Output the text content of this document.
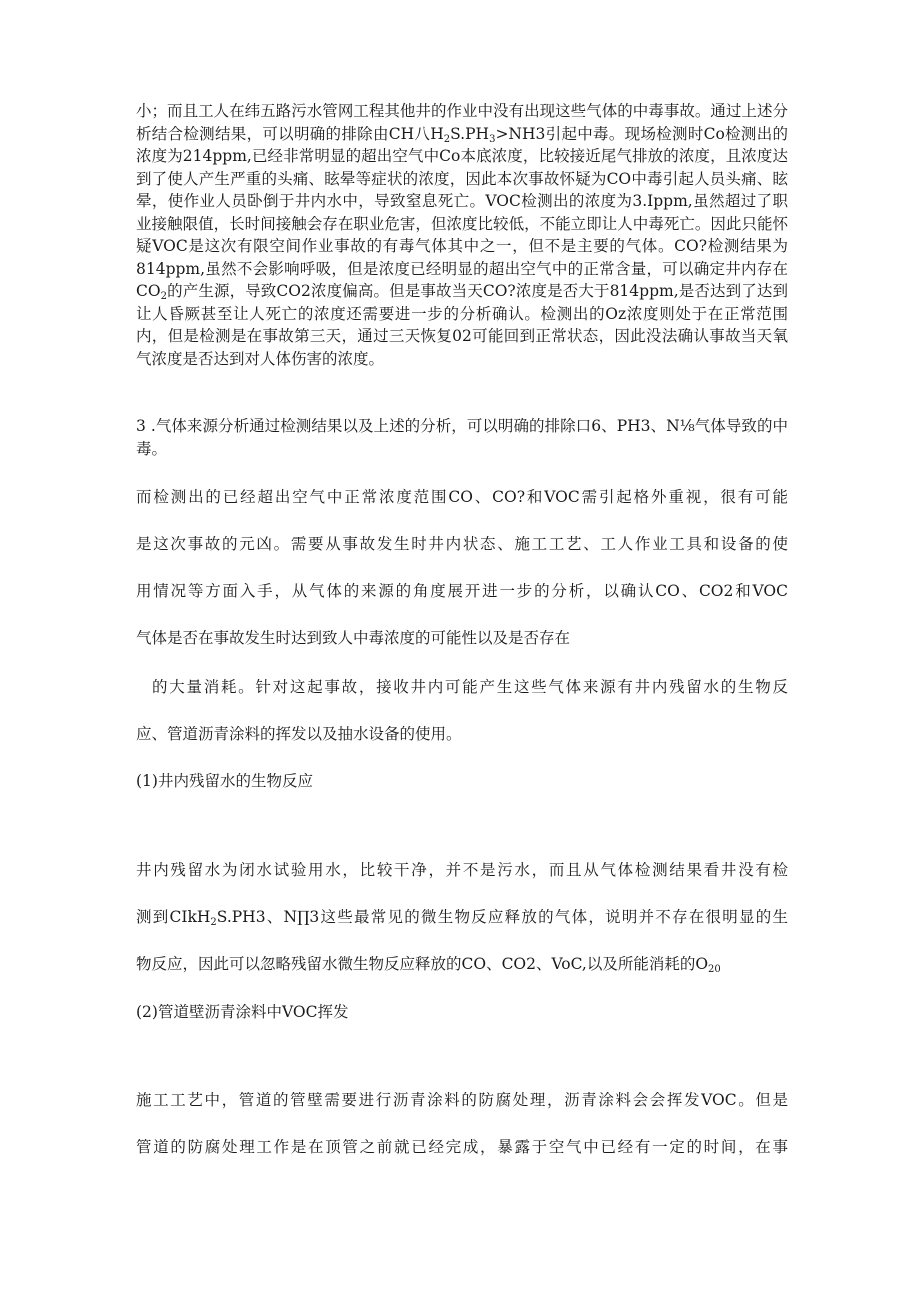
小；而且工人在纬五路污水管网工程其他井的作业中没有出现这些气体的中毒事故。通过上述分析结合检测结果，可以明确的排除由CH八$H_2S.PH_3>NH3$引起中毒。现场检测时Co检测出的浓度为214ppm,已经非常明显的超出空气中Co本底浓度，比较接近尾气排放的浓度，且浓度达到了使人产生严重的头痛、眩晕等症状的浓度，因此本次事故怀疑为CO中毒引起人员头痛、眩晕，使作业人员卧倒于井内水中，导致窒息死亡。VOC检测出的浓度为3.Ippm,虽然超过了职业接触限值，长时间接触会存在职业危害，但浓度比较低，不能立即让人中毒死亡。因此只能怀疑VOC是这次有限空间作业事故的有毒气体其中之一，但不是主要的气体。CO?检测结果为814ppm,虽然不会影响呼吸，但是浓度已经明显的超出空气中的正常含量，可以确定井内存在$CO_2$的产生源，导致CO2浓度偏高。但是事故当天CO?浓度是否大于814ppm,是否达到了达到让人昏厥甚至让人死亡的浓度还需要进一步的分析确认。检测出的Oz浓度则处于在正常范围内，但是检测是在事故第三天，通过三天恢复02可能回到正常状态，因此没法确认事故当天氧气浓度是否达到对人体伤害的浓度。

3 .气体来源分析通过检测结果以及上述的分析，可以明确的排除口6、PH3、N⅛气体导致的中毒。

而检测出的已经超出空气中正常浓度范围CO、CO?和VOC需引起格外重视，很有可能

是这次事故的元凶。需要从事故发生时井内状态、施工工艺、工人作业工具和设备的使

用情况等方面入手，从气体的来源的角度展开进一步的分析，以确认CO、CO2和VOC

气体是否在事故发生时达到致人中毒浓度的可能性以及是否存在

的大量消耗。针对这起事故，接收井内可能产生这些气体来源有井内残留水的生物反

应、管道沥青涂料的挥发以及抽水设备的使用。

(1)井内残留水的生物反应

井内残留水为闭水试验用水，比较干净，并不是污水，而且从气体检测结果看井没有检

测到CIkH$_2$S.PH3、N∏3这些最常见的微生物反应释放的气体，说明并不存在很明显的生

物反应，因此可以忽略残留水微生物反应释放的CO、CO2、VoC,以及所能消耗的$O_{20}$

(2)管道壁沥青涂料中VOC挥发

施工工艺中，管道的管壁需要进行沥青涂料的防腐处理，沥青涂料会会挥发VOC。但是

管道的防腐处理工作是在顶管之前就已经完成，暴露于空气中已经有一定的时间，在事
